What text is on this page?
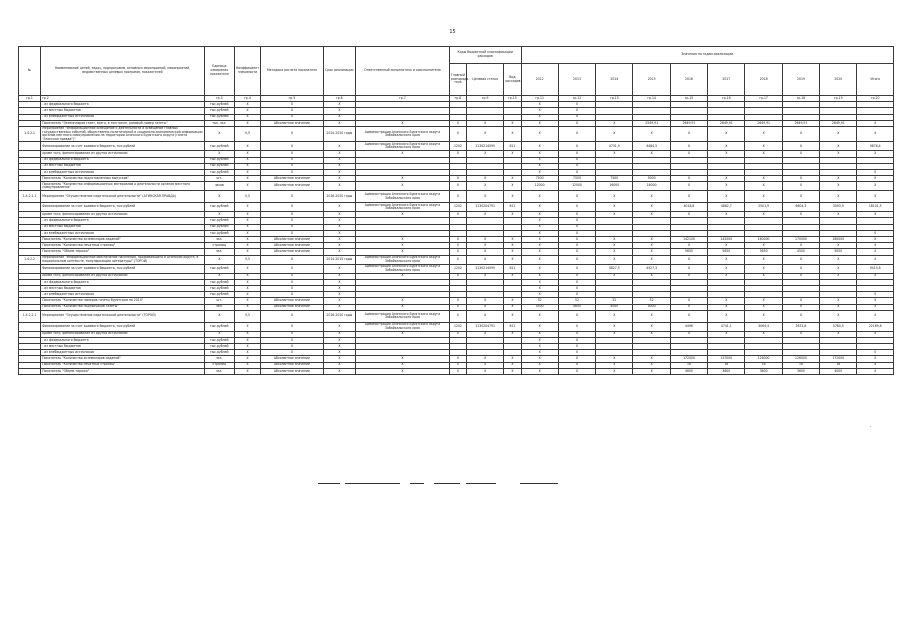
15
№	Наименование целей, задач, подпрограмм, основных мероприятий, мероприятий, ведомственных целевых программ, показателей	Единица измерения показателя	Коэффициент значимости	Методика расчета показателя	Срок реализации	Ответственный исполнитель и соисполнители	Коды бюджетной классификации расходов			Значения по годам реализации									
							Главный распоряди-тель	Целевая статья	Вид расходов	2012	2013	2014	2015	2016	2017	2018	2019	2020	Итого
гр.1	гр.2	гр.3	гр.4	гр.5	гр.6	гр.7	гр.8	гр.9	гр.10	гр.11	гр.12	гр.13	гр.14	гр.15	гр.16	гр.17	гр.18	гр.19	гр.20
	- из федерального бюджета	тыс.рублей	Х	Х	Х					Х	Х								
	- из местных бюджетов	тыс.рублей	Х	Х	Х					Х	Х								
	- из внебюджетных источников	тыс.рублей	Х	Х	Х					Х	Х								
	Показатель "Экземпляров газет, всего, в том числе, разовый номер газеты"	тыс. экз.	Х	Абсолютное значение	Х	Х	Х	Х	Х	Х	Х	Х	2549,91	2649,91	2649,91	2649,91	2649,91	2649,91	Х
1.4.2.1	Мероприятие "Информационное освещение о деятельности и освещение главных государственных событий, общественно-политической и социально-экономической информации органов местного самоуправления на территории Агинского Бурятского округа (газета "Агинская правда")"	Х	0,5	Х	2014-2020 годы	Администрация Агинского Бурятского округа Забайкальского края	Х	Х	Х	Х	Х	Х	Х	Х	Х	Х	Х	Х	Х
	Финансирование за счет краевого бюджета, тыс.рублей	тыс.рублей	Х	Х	Х	Администрация Агинского Бурятского округа Забайкальского края	1202	2130214095	611	Х	Х	4731,9	4484,5	Х	Х	Х	Х	Х	9876,4
	кроме того, финансирование из других источников:	Х	Х	Х	Х	Х	Х	Х	Х	Х	Х	Х	Х	Х	Х	Х	Х	Х	Х
	- из федерального бюджета	тыс.рублей	Х	Х	Х					Х	Х								
	- из местных бюджетов	тыс.рублей	Х	Х	Х					Х	Х								
	- из внебюджетных источников	тыс.рублей	Х	Х	Х					Х	Х								0
	Показатель "Количество подготовленных выпусков"	шт.	Х	Абсолютное значение	Х	Х	Х	Х	Х	7500	7500	7500	5000	Х	Х	Х	Х	Х	Х
	Показатель "Количество информационных материалов о деятельности органов местного самоуправления"	часов	Х	Абсолютное значение	Х	Х	Х	Х	Х	12000	12000	16000	16000	Х	Х	Х	Х	Х	Х
1.4.2.1.1	Мероприятие "Осуществление издательской деятельности" (АГИНСКАЯ ПРАВДА)	Х	0,5	Х	2016-2020 годы	Администрация Агинского Бурятского округа Забайкальского края	Х	Х	Х	Х	Х	Х	Х	Х	Х	Х	Х	Х	Х
	Финансирование за счет краевого бюджета, тыс.рублей	тыс.рублей	Х	Х	Х	Администрация Агинского Бурятского округа Забайкальского края	1202	2130204791	611	Х	Х	Х	Х	4018,8	4882,7	2501,9	6604,3	3093,9	18101,5
	кроме того, финансирование из других источников:	Х	Х	Х	Х	Х	Х	Х	Х	Х	Х	Х	Х	Х	Х	Х	Х	Х	Х
	- из федерального бюджета	тыс.рублей	Х	Х	Х					Х	Х								
	- из местных бюджетов	тыс.рублей	Х	Х	Х					Х	Х								
	- из внебюджетных источников	тыс.рублей	Х	Х	Х					Х	Х								0
	Показатель "Количество экземпляров изданий"	экз.	Х	Абсолютное значение	Х	Х	Х	Х	Х	Х	Х	Х	Х	142100	142000	160000	170000	180000	Х
	Показатель "Количество печатных страниц"	страниц	Х	Абсолютное значение	Х	Х	Х	Х	Х	Х	Х	Х	Х	Х	Х	Х	Х	Х	Х
	Показатель "Объем тиража"	экз.	Х	Абсолютное значение	Х	Х	Х	Х	Х	Х	Х	Х	Х	5650	5650	5650	4500	5000	Х
1.4.2.2	Мероприятие "Информационное обеспечение населения, проживающего в Агинском округе, в национальном контексте, популяризация литературы" (ТОРОЙ)	Х	0,5	Х	2014-2015 годы	Администрация Агинского Бурятского округа Забайкальского края	Х	Х	Х	Х	Х	Х	Х	Х	Х	Х	Х	Х	Х
	Финансирование за счет краевого бюджета, тыс.рублей	тыс.рублей	Х	Х	Х	Администрация Агинского Бурятского округа Забайкальского края	1202	2130214095	611	Х	Х	4827,5	4527,3	Х	Х	Х	Х	Х	9415,8
	кроме того, финансирование из других источников:	Х	Х	Х	Х	Х	Х	Х	Х	Х	Х	Х	Х	Х	Х	Х	Х	Х	Х
	- из федерального бюджета	тыс.рублей	Х	Х	Х					Х	Х								
	- из местных бюджетов	тыс.рублей	Х	Х	Х					Х	Х								
	- из внебюджетных источников	тыс.рублей	Х	Х	Х					Х	Х								0
	Показатель "Количество номеров газеты бурятском на 2014"	шт.	Х	Абсолютное значение	Х	Х	Х	Х	Х	52	52	52	52	Х	Х	Х	Х	Х	Х
	Показатель "Количество подписчиков газеты"	чел.	Х	Абсолютное значение	Х	Х	Х	Х	Х	4500	4600	4000	4000	Х	Х	Х	Х	Х	Х
1.4.2.2.1	Мероприятие "Осуществление издательской деятельности" (ТОРОЙ)	Х	0,5	Х	2016-2020 годы	Администрация Агинского Бурятского округа Забайкальского края	Х	Х	Х	Х	Х	Х	Х	Х	Х	Х	Х	Х	Х
	Финансирование за счет краевого бюджета, тыс.рублей	тыс.рублей	Х	Х	Х	Администрация Агинского Бурятского округа Забайкальского края	1202	2130204791	611	Х	Х	Х	Х	4496	4741,1	3064,4	2631,8	5764,5	22189,8
	кроме того, финансирование из других источников:	Х	Х	Х	Х	Х	Х	Х	Х	Х	Х	Х	Х	Х	Х	Х	Х	Х	Х
	- из федерального бюджета	тыс.рублей	Х	Х	Х					Х	Х								
	- из местных бюджетов	тыс.рублей	Х	Х	Х					Х	Х								
	- из внебюджетных источников	тыс.рублей	Х	Х	Х					Х	Х								0
	Показатель "Количество экземпляров изданий"	экз.	Х	Абсолютное значение	Х	Х	Х	Х	Х	Х	Х	Х	Х	172000	137000	126000	126000	172000	Х
	Показатель "Количество печатных страниц"	страниц	Х	Абсолютное значение	Х	Х	Х	Х	Х	Х	Х	Х	Х	16	16	16	16	16	Х
	Показатель "Объем тиража"	экз.	Х	Абсолютное значение	Х	Х	Х	Х	Х	Х	Х	Х	Х	4600	3600	3600	3600	4000	Х
·
